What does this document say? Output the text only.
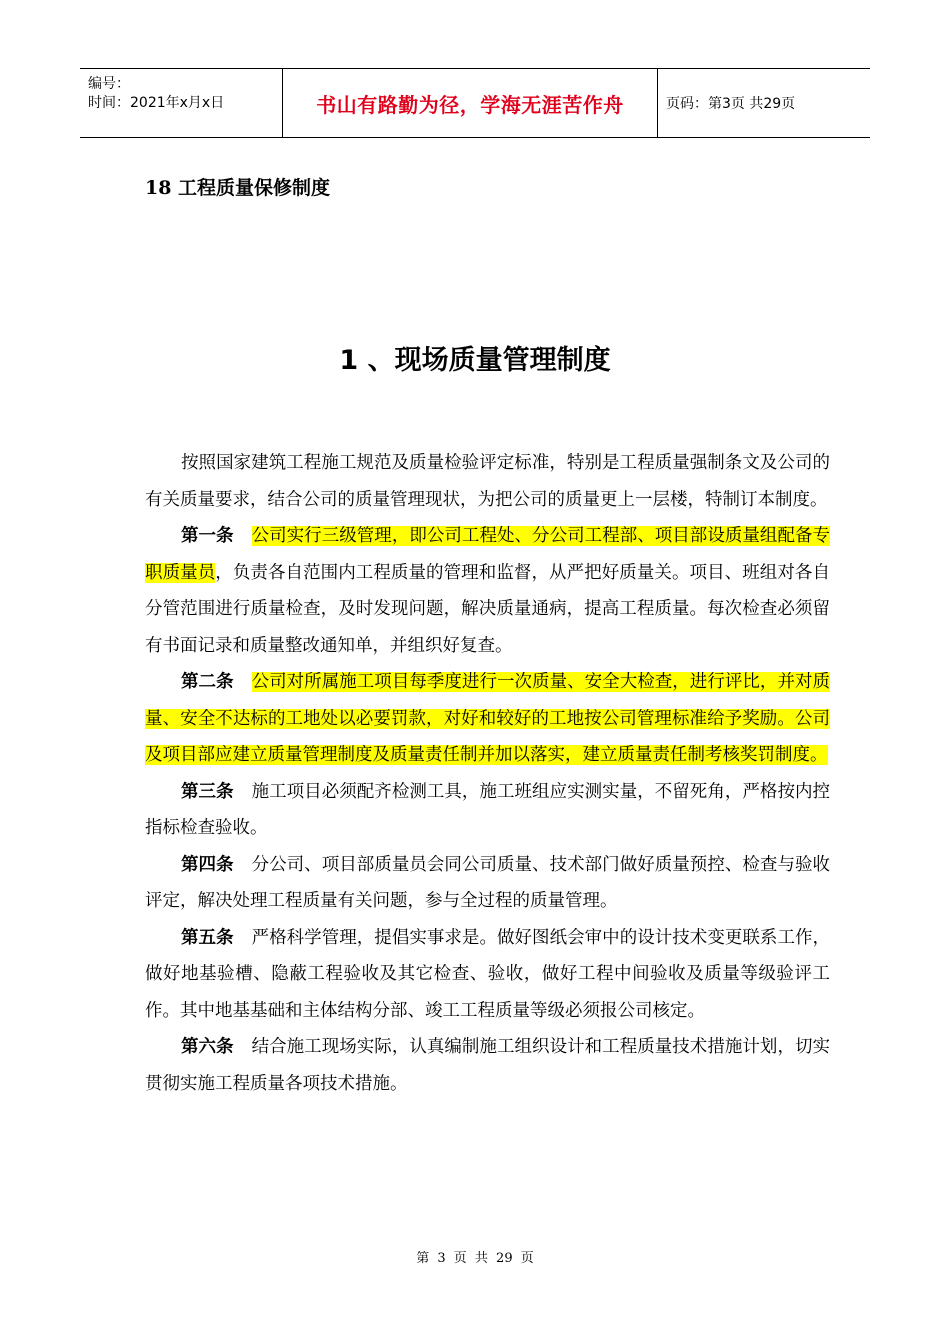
编号：
时间：2021年x月x日	书山有路勤为径，学海无涯苦作舟	页码：第3页 共29页
18 工程质量保修制度
1 、现场质量管理制度

按照国家建筑工程施工规范及质量检验评定标准，特别是工程质量强制条文及公司的有关质量要求，结合公司的质量管理现状，为把公司的质量更上一层楼，特制订本制度。

第一条 公司实行三级管理，即公司工程处、分公司工程部、项目部设质量组配备专职质量员，负责各自范围内工程质量的管理和监督，从严把好质量关。项目、班组对各自分管范围进行质量检查，及时发现问题，解决质量通病，提高工程质量。每次检查必须留有书面记录和质量整改通知单，并组织好复查。

第二条 公司对所属施工项目每季度进行一次质量、安全大检查，进行评比，并对质量、安全不达标的工地处以必要罚款，对好和较好的工地按公司管理标准给予奖励。公司及项目部应建立质量管理制度及质量责任制并加以落实，建立质量责任制考核奖罚制度。

第三条 施工项目必须配齐检测工具，施工班组应实测实量，不留死角，严格按内控指标检查验收。

第四条 分公司、项目部质量员会同公司质量、技术部门做好质量预控、检查与验收评定，解决处理工程质量有关问题，参与全过程的质量管理。

第五条 严格科学管理，提倡实事求是。做好图纸会审中的设计技术变更联系工作，做好地基验槽、隐蔽工程验收及其它检查、验收，做好工程中间验收及质量等级验评工作。其中地基基础和主体结构分部、竣工工程质量等级必须报公司核定。

第六条 结合施工现场实际，认真编制施工组织设计和工程质量技术措施计划，切实贯彻实施工程质量各项技术措施。

第 3 页 共 29 页
